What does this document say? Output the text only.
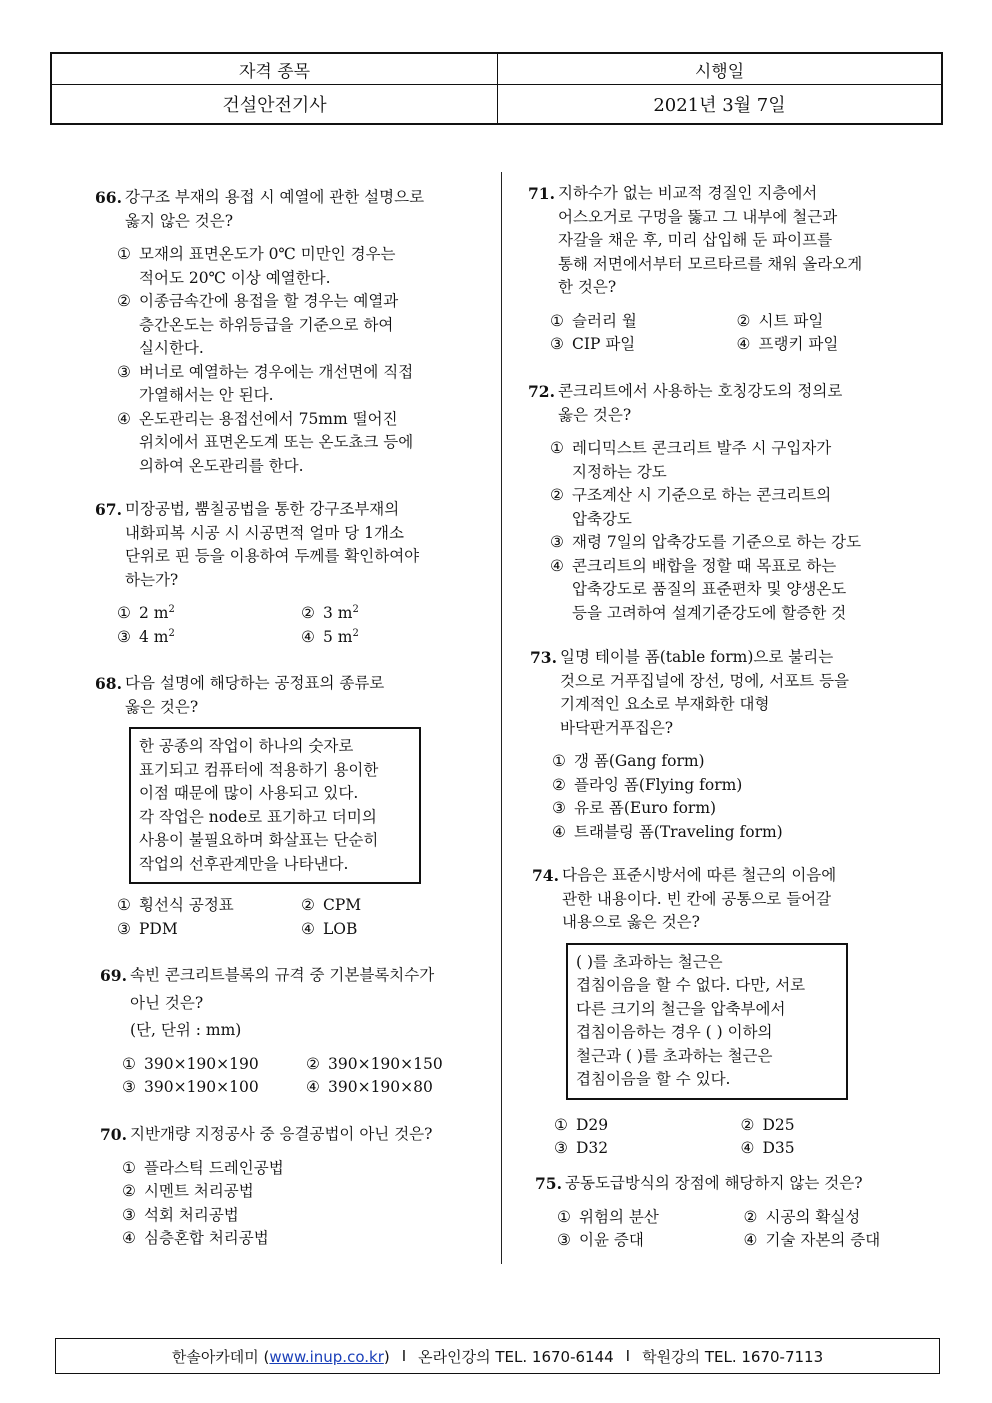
자격 종목	시행일
건설안전기사	2021년 3월 7일
66. 강구조 부재의 용접 시 예열에 관한 설명으로
옳지 않은 것은?
① 모재의 표면온도가 0℃ 미만인 경우는
적어도 20℃ 이상 예열한다.
② 이종금속간에 용접을 할 경우는 예열과
층간온도는 하위등급을 기준으로 하여
실시한다.
③ 버너로 예열하는 경우에는 개선면에 직접
가열해서는 안 된다.
④ 온도관리는 용접선에서 75mm 떨어진
위치에서 표면온도계 또는 온도쵸크 등에
의하여 온도관리를 한다.
67. 미장공법, 뿜칠공법을 통한 강구조부재의
내화피복 시공 시 시공면적 얼마 당 1개소
단위로 핀 등을 이용하여 두께를 확인하여야
하는가?
① 2 $m^2$	② 3 $m^2$
③ 4 $m^2$	④ 5 $m^2$
68. 다음 설명에 해당하는 공정표의 종류로
옳은 것은?
한 공종의 작업이 하나의 숫자로
표기되고 컴퓨터에 적용하기 용이한
이점 때문에 많이 사용되고 있다.
각 작업은 node로 표기하고 더미의
사용이 불필요하며 화살표는 단순히
작업의 선후관계만을 나타낸다.
① 횡선식 공정표	② CPM
③ PDM	④ LOB
69. 속빈 콘크리트블록의 규격 중 기본블록치수가
아닌 것은?
(단, 단위 : mm)
① 390×190×190	② 390×190×150
③ 390×190×100	④ 390×190×80
70. 지반개량 지정공사 중 응결공법이 아닌 것은?
① 플라스틱 드레인공법
② 시멘트 처리공법
③ 석회 처리공법
④ 심층혼합 처리공법
71. 지하수가 없는 비교적 경질인 지층에서
어스오거로 구멍을 뚫고 그 내부에 철근과
자갈을 채운 후, 미리 삽입해 둔 파이프를
통해 저면에서부터 모르타르를 채워 올라오게
한 것은?
① 슬러리 월	② 시트 파일
③ CIP 파일	④ 프랭키 파일
72. 콘크리트에서 사용하는 호칭강도의 정의로
옳은 것은?
① 레디믹스트 콘크리트 발주 시 구입자가
지정하는 강도
② 구조계산 시 기준으로 하는 콘크리트의
압축강도
③ 재령 7일의 압축강도를 기준으로 하는 강도
④ 콘크리트의 배합을 정할 때 목표로 하는
압축강도로 품질의 표준편차 및 양생온도
등을 고려하여 설계기준강도에 할증한 것
73. 일명 테이블 폼(table form)으로 불리는
것으로 거푸집널에 장선, 멍에, 서포트 등을
기계적인 요소로 부재화한 대형
바닥판거푸집은?
① 갱 폼(Gang form)
② 플라잉 폼(Flying form)
③ 유로 폼(Euro form)
④ 트래블링 폼(Traveling form)
74. 다음은 표준시방서에 따른 철근의 이음에
관한 내용이다. 빈 칸에 공통으로 들어갈
내용으로 옳은 것은?
( )를 초과하는 철근은
겹침이음을 할 수 없다. 다만, 서로
다른 크기의 철근을 압축부에서
겹침이음하는 경우 ( ) 이하의
철근과 ( )를 초과하는 철근은
겹침이음을 할 수 있다.
① D29	② D25
③ D32	④ D35
75. 공동도급방식의 장점에 해당하지 않는 것은?
① 위험의 분산	② 시공의 확실성
③ 이윤 증대	④ 기술 자본의 증대
한솔아카데미 (www.inup.co.kr) I 온라인강의 TEL. 1670-6144 I 학원강의 TEL. 1670-7113
